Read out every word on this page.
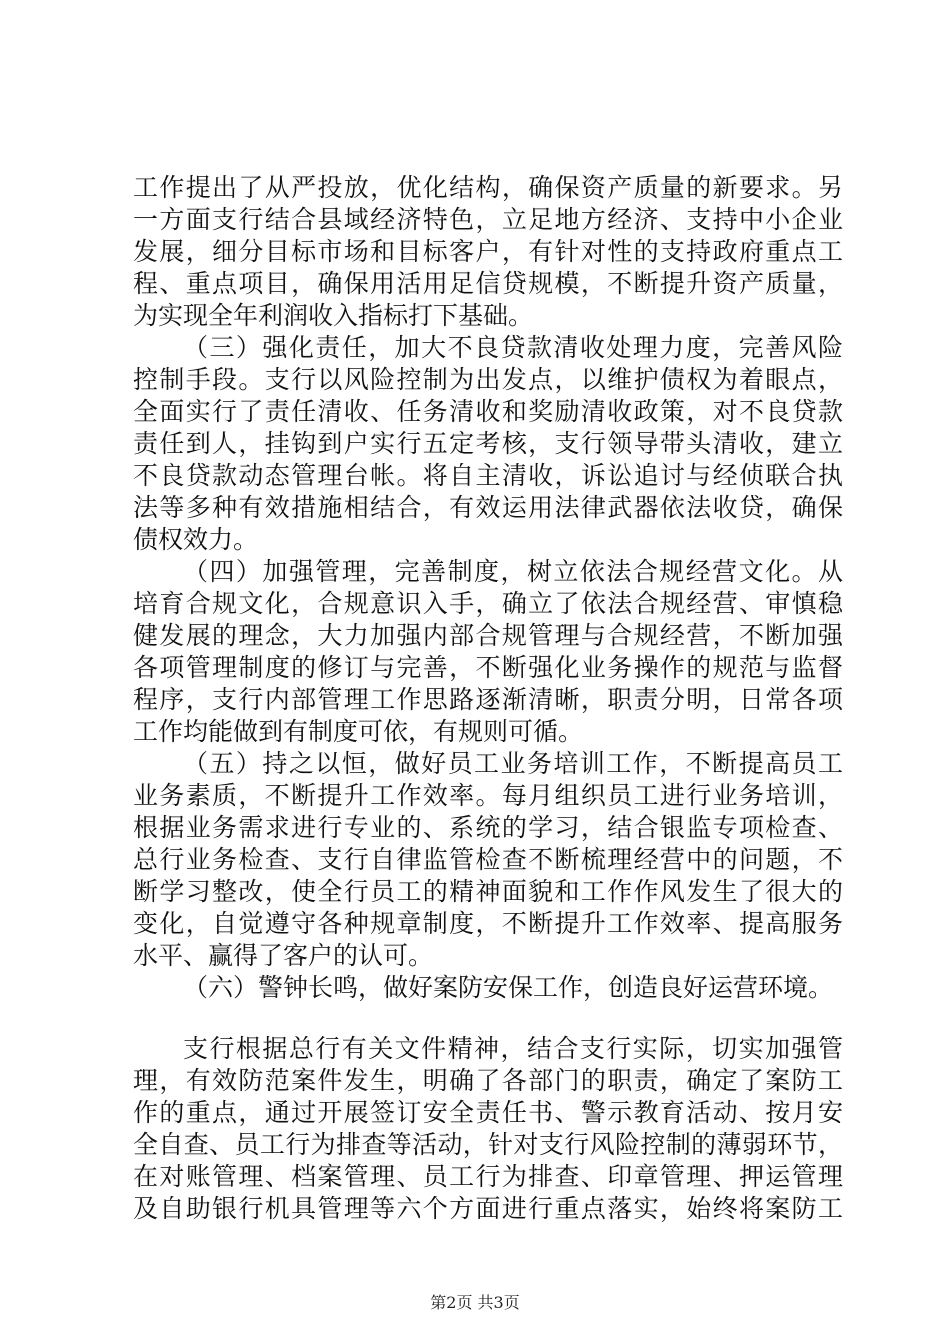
工作提出了从严投放，优化结构，确保资产质量的新要求。另
一方面支行结合县域经济特色，立足地方经济、支持中小企业
发展，细分目标市场和目标客户，有针对性的支持政府重点工
程、重点项目，确保用活用足信贷规模，不断提升资产质量，
为实现全年利润收入指标打下基础。
（三）强化责任，加大不良贷款清收处理力度，完善风险
控制手段。支行以风险控制为出发点，以维护债权为着眼点，
全面实行了责任清收、任务清收和奖励清收政策，对不良贷款
责任到人，挂钩到户实行五定考核，支行领导带头清收，建立
不良贷款动态管理台帐。将自主清收，诉讼追讨与经侦联合执
法等多种有效措施相结合，有效运用法律武器依法收贷，确保
债权效力。
（四）加强管理，完善制度，树立依法合规经营文化。从
培育合规文化，合规意识入手，确立了依法合规经营、审慎稳
健发展的理念，大力加强内部合规管理与合规经营，不断加强
各项管理制度的修订与完善，不断强化业务操作的规范与监督
程序，支行内部管理工作思路逐渐清晰，职责分明，日常各项
工作均能做到有制度可依，有规则可循。
（五）持之以恒，做好员工业务培训工作，不断提高员工
业务素质，不断提升工作效率。每月组织员工进行业务培训，
根据业务需求进行专业的、系统的学习，结合银监专项检查、
总行业务检查、支行自律监管检查不断梳理经营中的问题，不
断学习整改，使全行员工的精神面貌和工作作风发生了很大的
变化，自觉遵守各种规章制度，不断提升工作效率、提高服务
水平、赢得了客户的认可。
（六）警钟长鸣，做好案防安保工作，创造良好运营环境。
支行根据总行有关文件精神，结合支行实际，切实加强管
理，有效防范案件发生，明确了各部门的职责，确定了案防工
作的重点，通过开展签订安全责任书、警示教育活动、按月安
全自查、员工行为排查等活动，针对支行风险控制的薄弱环节，
在对账管理、档案管理、员工行为排查、印章管理、押运管理
及自助银行机具管理等六个方面进行重点落实，始终将案防工
第2页 共3页
